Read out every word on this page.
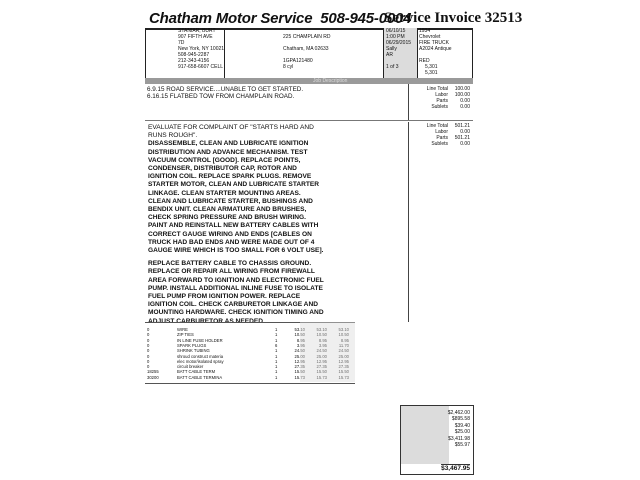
Chatham Motor Service 508-945-0004
Service Invoice 32513
STANIAR, BURT
907 FIFTH AVE
7D
New York, NY 10021
508-945-2287
212-343-4156
917-658-6607 CELL
225 CHAMPLAIN RD
Chatham, MA 02633
1GPA121480
8 cyl
06/10/15
1:00 PM
06/29/2015
Sally
AR
1 of 3
1934
Chevrolet
FIRE TRUCK
A2024 Antique
RED
5,301
5,301
Job Description
6.9.15 ROAD SERVICE....UNABLE TO GET STARTED.
6.16.15 FLATBED TOW FROM CHAMPLAIN ROAD.
Line Total 100.00
Labor 100.00
Parts 0.00
Sublets 0.00
EVALUATE FOR COMPLAINT OF "STARTS HARD AND RUNS ROUGH".
DISASSEMBLE, CLEAN AND LUBRICATE IGNITION DISTRIBUTION AND ADVANCE MECHANISM. TEST VACUUM CONTROL [GOOD]. REPLACE POINTS, CONDENSER, DISTRIBUTOR CAP, ROTOR AND IGNITION COIL. REPLACE SPARK PLUGS. REMOVE STARTER MOTOR, CLEAN AND LUBRICATE STARTER LINKAGE. CLEAN STARTER MOUNTING AREAS. CLEAN AND LUBRICATE STARTER, BUSHINGS AND BENDIX UNIT. CLEAN ARMATURE AND BRUSHES, CHECK SPRING PRESSURE AND BRUSH WIRING. PAINT AND REINSTALL NEW BATTERY CABLES WITH CORRECT GAUGE WIRING AND ENDS [CABLES ON TRUCK HAD BAD ENDS AND WERE MADE OUT OF 4 GAUGE WIRE WHICH IS TOO SMALL FOR 6 VOLT USE].
REPLACE BATTERY CABLE TO CHASSIS GROUND. REPLACE OR REPAIR ALL WIRING FROM FIREWALL AREA FORWARD TO IGNITION AND ELECTRONIC FUEL PUMP. INSTALL ADDITIONAL INLINE FUSE TO ISOLATE FUEL PUMP FROM IGNITION POWER. REPLACE IGNITION COIL. CHECK CARBURETOR LINKAGE AND MOUNTING HARDWARE. CHECK IGNITION TIMING AND ADJUST CARBURETOR AS NEEDED.
Line Total 501.21
Labor 0.00
Parts 501.21
Sublets 0.00
0	WIRE	1	53.10	53.10	53.10
0	ZIP TIES	1	10.50	10.50	10.50
0	IN LINE FUSE HOLDER	1	8.95	8.95	8.95
0	SPARK PLUGS	6	3.95	3.95	11.70
0	SHRINK TUBING	1	24.50	24.50	24.50
0	shroud construct materia	1	25.00	25.00	25.00
0	elec motor/isolated spray	1	12.95	12.95	12.95
0	circuit breaker	1	27.35	27.35	27.35
18255	BATT CABLE TERM	1	15.50	15.50	15.50
30200	BATT CABLE TERMINA	1	15.73	15.73	15.73
$2,462.00
$895.58
$39.40
$25.00
$3,411.98
$55.97
$3,467.95
